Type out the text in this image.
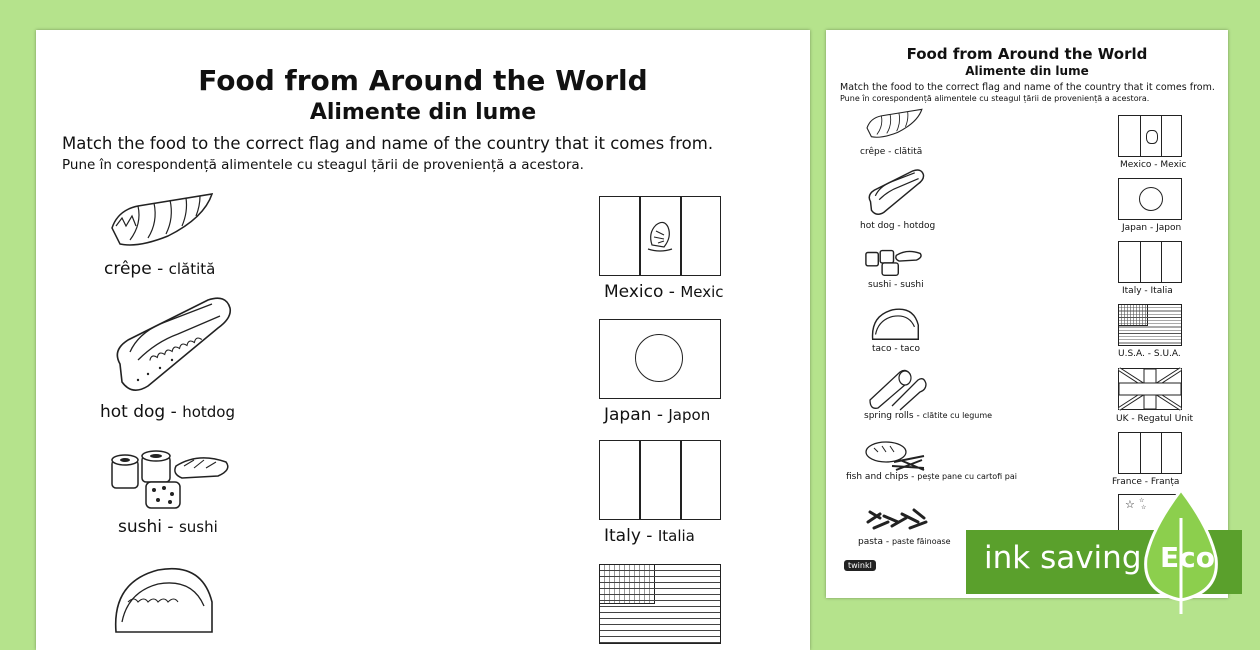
Food from Around the World
Alimente din lume
Match the food to the correct flag and name of the country that it comes from.
Pune în corespondență alimentele cu steagul țării de proveniență a acestora.
crêpe - clătită
hot dog - hotdog
sushi - sushi
Mexico - Mexic
Japan - Japon
Italy - Italia
Food from Around the World
Alimente din lume
Match the food to the correct flag and name of the country that it comes from.
Pune în corespondență alimentele cu steagul țării de proveniență a acestora.
crêpe - clătită
hot dog - hotdog
sushi - sushi
taco - taco
spring rolls - clătite cu legume
fish and chips - pește pane cu cartofi pai
pasta - paste făinoase
twinkl
Mexico - Mexic
Japan - Japon
Italy - Italia
U.S.A. - S.U.A.
UK - Regatul Unit
France - Franța
☆ ☆
☆
ink saving Eco
